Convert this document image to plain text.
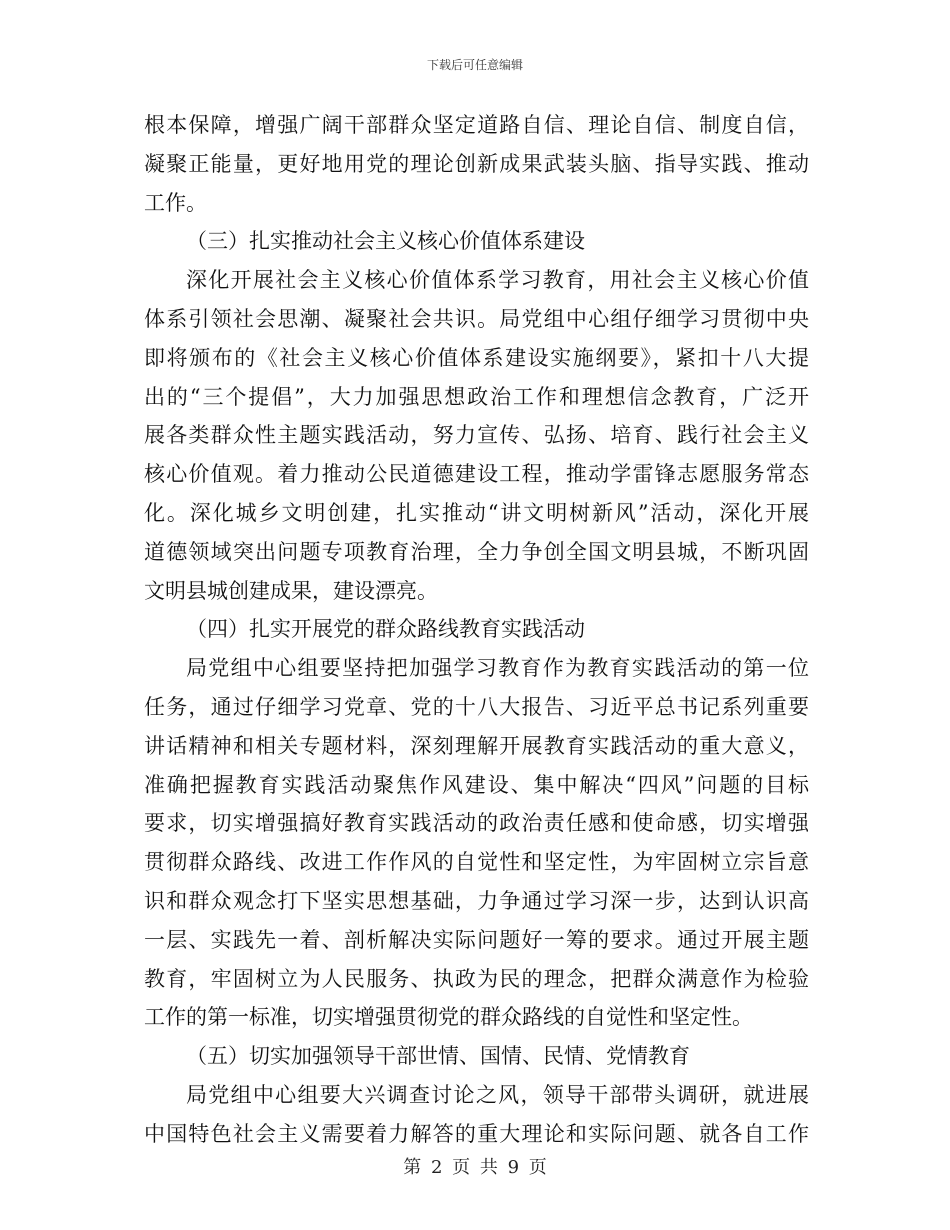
下载后可任意编辑
根本保障，增强广阔干部群众坚定道路自信、理论自信、制度自信，
凝聚正能量，更好地用党的理论创新成果武装头脑、指导实践、推动
工作。
（三）扎实推动社会主义核心价值体系建设
深化开展社会主义核心价值体系学习教育，用社会主义核心价值
体系引领社会思潮、凝聚社会共识。局党组中心组仔细学习贯彻中央
即将颁布的《社会主义核心价值体系建设实施纲要》，紧扣十八大提
出的“三个提倡”，大力加强思想政治工作和理想信念教育，广泛开
展各类群众性主题实践活动，努力宣传、弘扬、培育、践行社会主义
核心价值观。着力推动公民道德建设工程，推动学雷锋志愿服务常态
化。深化城乡文明创建，扎实推动“讲文明树新风”活动，深化开展
道德领域突出问题专项教育治理，全力争创全国文明县城，不断巩固
文明县城创建成果，建设漂亮。
（四）扎实开展党的群众路线教育实践活动
局党组中心组要坚持把加强学习教育作为教育实践活动的第一位
任务，通过仔细学习党章、党的十八大报告、习近平总书记系列重要
讲话精神和相关专题材料，深刻理解开展教育实践活动的重大意义，
准确把握教育实践活动聚焦作风建设、集中解决“四风”问题的目标
要求，切实增强搞好教育实践活动的政治责任感和使命感，切实增强
贯彻群众路线、改进工作作风的自觉性和坚定性，为牢固树立宗旨意
识和群众观念打下坚实思想基础，力争通过学习深一步，达到认识高
一层、实践先一着、剖析解决实际问题好一筹的要求。通过开展主题
教育，牢固树立为人民服务、执政为民的理念，把群众满意作为检验
工作的第一标准，切实增强贯彻党的群众路线的自觉性和坚定性。
（五）切实加强领导干部世情、国情、民情、党情教育
局党组中心组要大兴调查讨论之风，领导干部带头调研，就进展
中国特色社会主义需要着力解答的重大理论和实际问题、就各自工作
第 2 页 共 9 页
